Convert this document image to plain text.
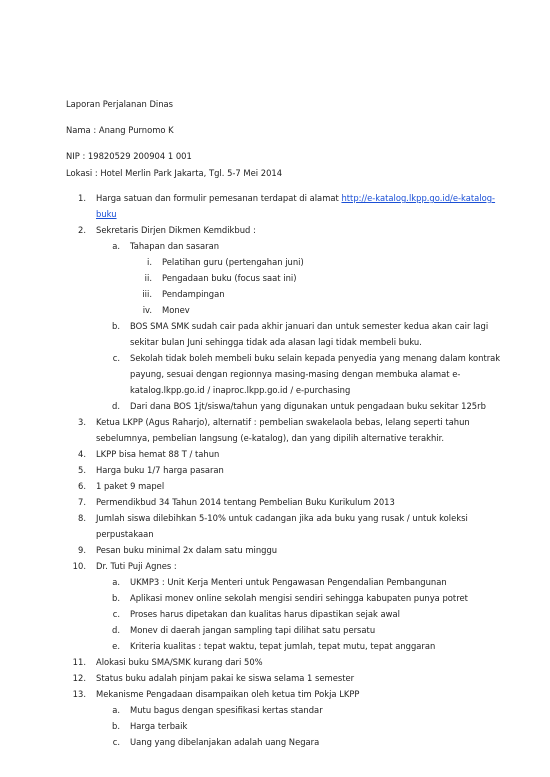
Laporan Perjalanan Dinas
Nama : Anang Purnomo K
NIP : 19820529 200904 1 001
Lokasi : Hotel Merlin Park Jakarta, Tgl. 5-7 Mei 2014
1. Harga satuan dan formulir pemesanan terdapat di alamat http://e-katalog.lkpp.go.id/e-katalog-
buku
2. Sekretaris Dirjen Dikmen Kemdikbud :
a. Tahapan dan sasaran
i. Pelatihan guru (pertengahan juni)
ii. Pengadaan buku (focus saat ini)
iii. Pendampingan
iv. Monev
b. BOS SMA SMK sudah cair pada akhir januari dan untuk semester kedua akan cair lagi
sekitar bulan Juni sehingga tidak ada alasan lagi tidak membeli buku.
c. Sekolah tidak boleh membeli buku selain kepada penyedia yang menang dalam kontrak
payung, sesuai dengan regionnya masing-masing dengan membuka alamat e-
katalog.lkpp.go.id / inaproc.lkpp.go.id / e-purchasing
d. Dari dana BOS 1jt/siswa/tahun yang digunakan untuk pengadaan buku sekitar 125rb
3. Ketua LKPP (Agus Raharjo), alternatif : pembelian swakelaola bebas, lelang seperti tahun
sebelumnya, pembelian langsung (e-katalog), dan yang dipilih alternative terakhir.
4. LKPP bisa hemat 88 T / tahun
5. Harga buku 1/7 harga pasaran
6. 1 paket 9 mapel
7. Permendikbud 34 Tahun 2014 tentang Pembelian Buku Kurikulum 2013
8. Jumlah siswa dilebihkan 5-10% untuk cadangan jika ada buku yang rusak / untuk koleksi
perpustakaan
9. Pesan buku minimal 2x dalam satu minggu
10. Dr. Tuti Puji Agnes :
a. UKMP3 : Unit Kerja Menteri untuk Pengawasan Pengendalian Pembangunan
b. Aplikasi monev online sekolah mengisi sendiri sehingga kabupaten punya potret
c. Proses harus dipetakan dan kualitas harus dipastikan sejak awal
d. Monev di daerah jangan sampling tapi dilihat satu persatu
e. Kriteria kualitas : tepat waktu, tepat jumlah, tepat mutu, tepat anggaran
11. Alokasi buku SMA/SMK kurang dari 50%
12. Status buku adalah pinjam pakai ke siswa selama 1 semester
13. Mekanisme Pengadaan disampaikan oleh ketua tim Pokja LKPP
a. Mutu bagus dengan spesifikasi kertas standar
b. Harga terbaik
c. Uang yang dibelanjakan adalah uang Negara
